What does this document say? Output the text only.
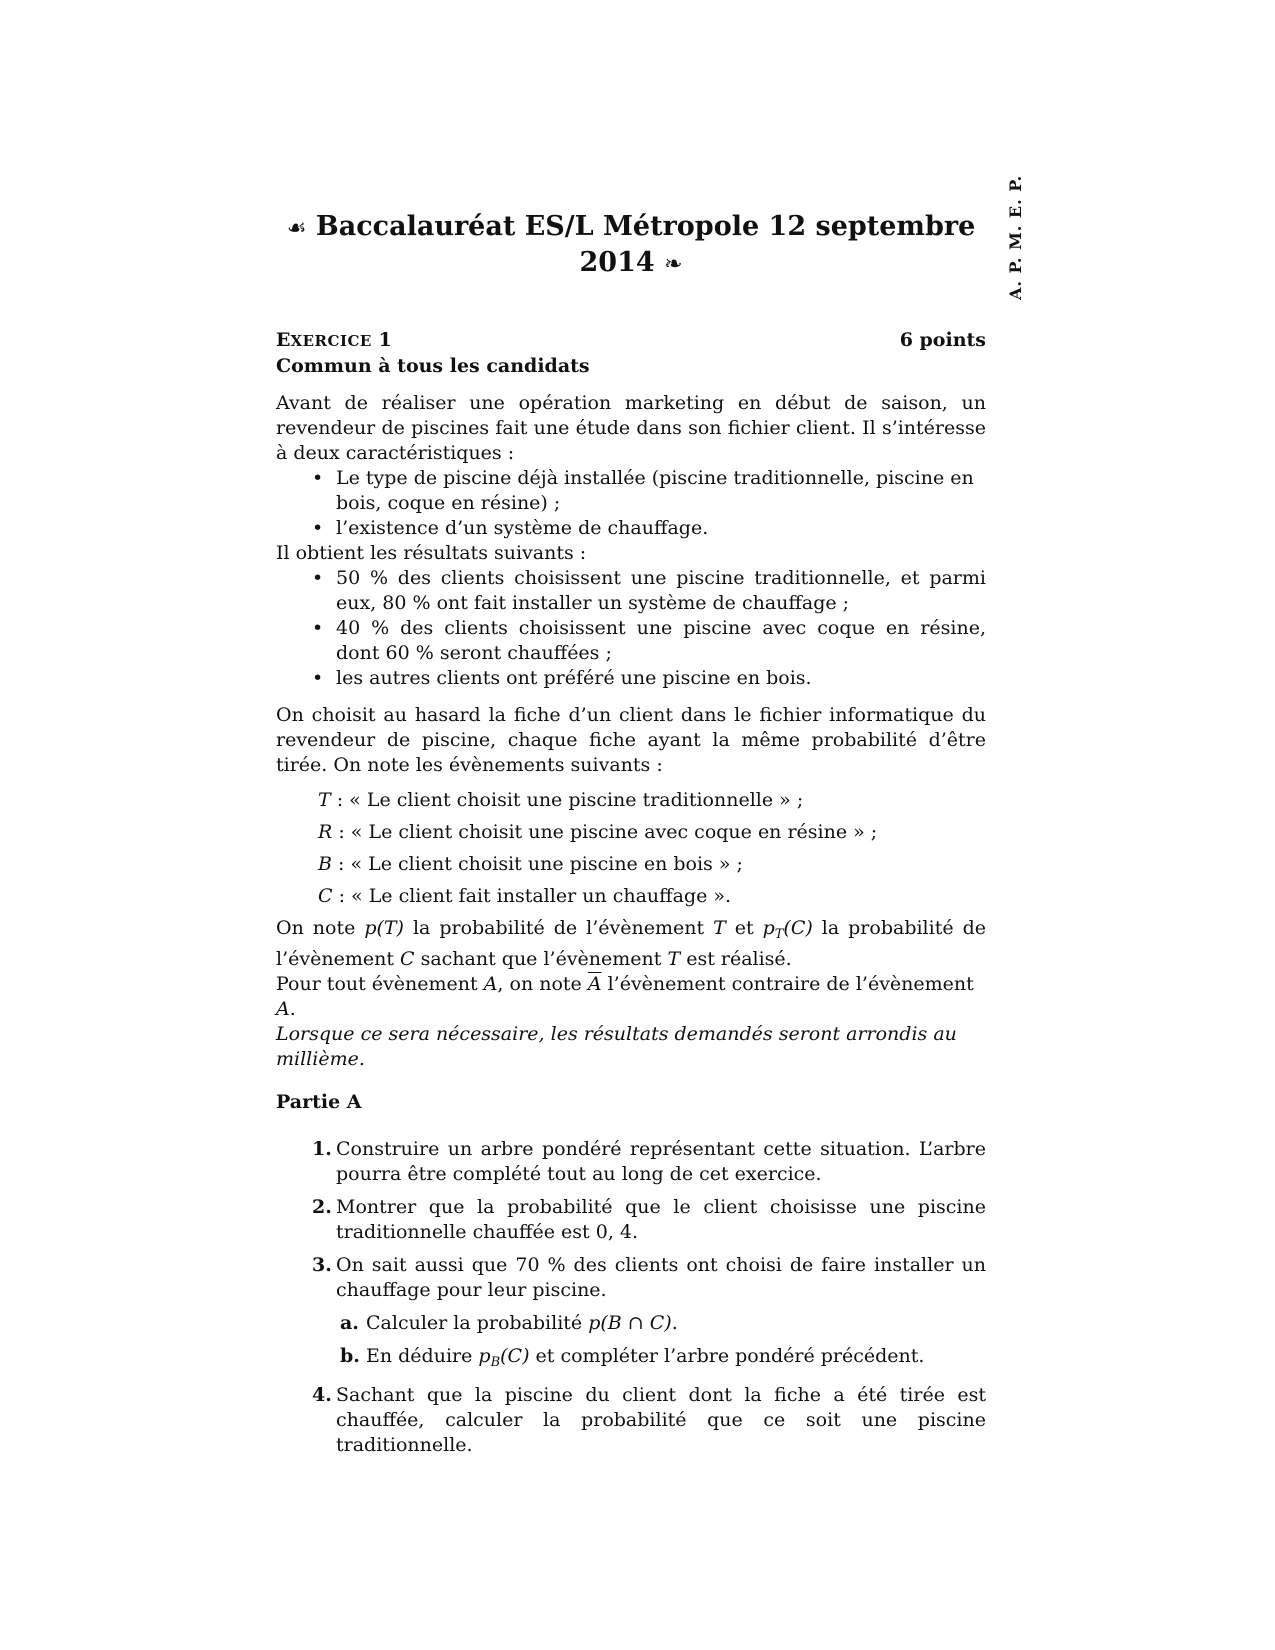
A. P. M. E. P.
☙ Baccalauréat ES/L Métropole 12 septembre 2014 ❧
EXERCICE 1	6 points
Commun à tous les candidats

Avant de réaliser une opération marketing en début de saison, un revendeur de piscines fait une étude dans son fichier client. Il s’intéresse à deux caractéristiques :

• Le type de piscine déjà installée (piscine traditionnelle, piscine en bois, coque en résine) ;
• l’existence d’un système de chauffage.

Il obtient les résultats suivants :

• 50 % des clients choisissent une piscine traditionnelle, et parmi eux, 80 % ont fait installer un système de chauffage ;
• 40 % des clients choisissent une piscine avec coque en résine, dont 60 % seront chauffées ;
• les autres clients ont préféré une piscine en bois.

On choisit au hasard la fiche d’un client dans le fichier informatique du revendeur de piscine, chaque fiche ayant la même probabilité d’être tirée. On note les évènements suivants :

T : « Le client choisit une piscine traditionnelle » ;

R : « Le client choisit une piscine avec coque en résine » ;

B : « Le client choisit une piscine en bois » ;

C : « Le client fait installer un chauffage ».

On note p(T) la probabilité de l’évènement T et $p_T(C)$ la probabilité de l’évènement C sachant que l’évènement T est réalisé.

Pour tout évènement A, on note $\overline{A}$ l’évènement contraire de l’évènement A.

Lorsque ce sera nécessaire, les résultats demandés seront arrondis au millième.

Partie A
1. Construire un arbre pondéré représentant cette situation. L’arbre pourra être complété tout au long de cet exercice.
2. Montrer que la probabilité que le client choisisse une piscine traditionnelle chauffée est 0, 4.
3. On sait aussi que 70 % des clients ont choisi de faire installer un chauffage pour leur piscine.
a. Calculer la probabilité p(B ∩ C).
b. En déduire $p_B(C)$ et compléter l’arbre pondéré précédent.
4. Sachant que la piscine du client dont la fiche a été tirée est chauffée, calculer la probabilité que ce soit une piscine traditionnelle.
